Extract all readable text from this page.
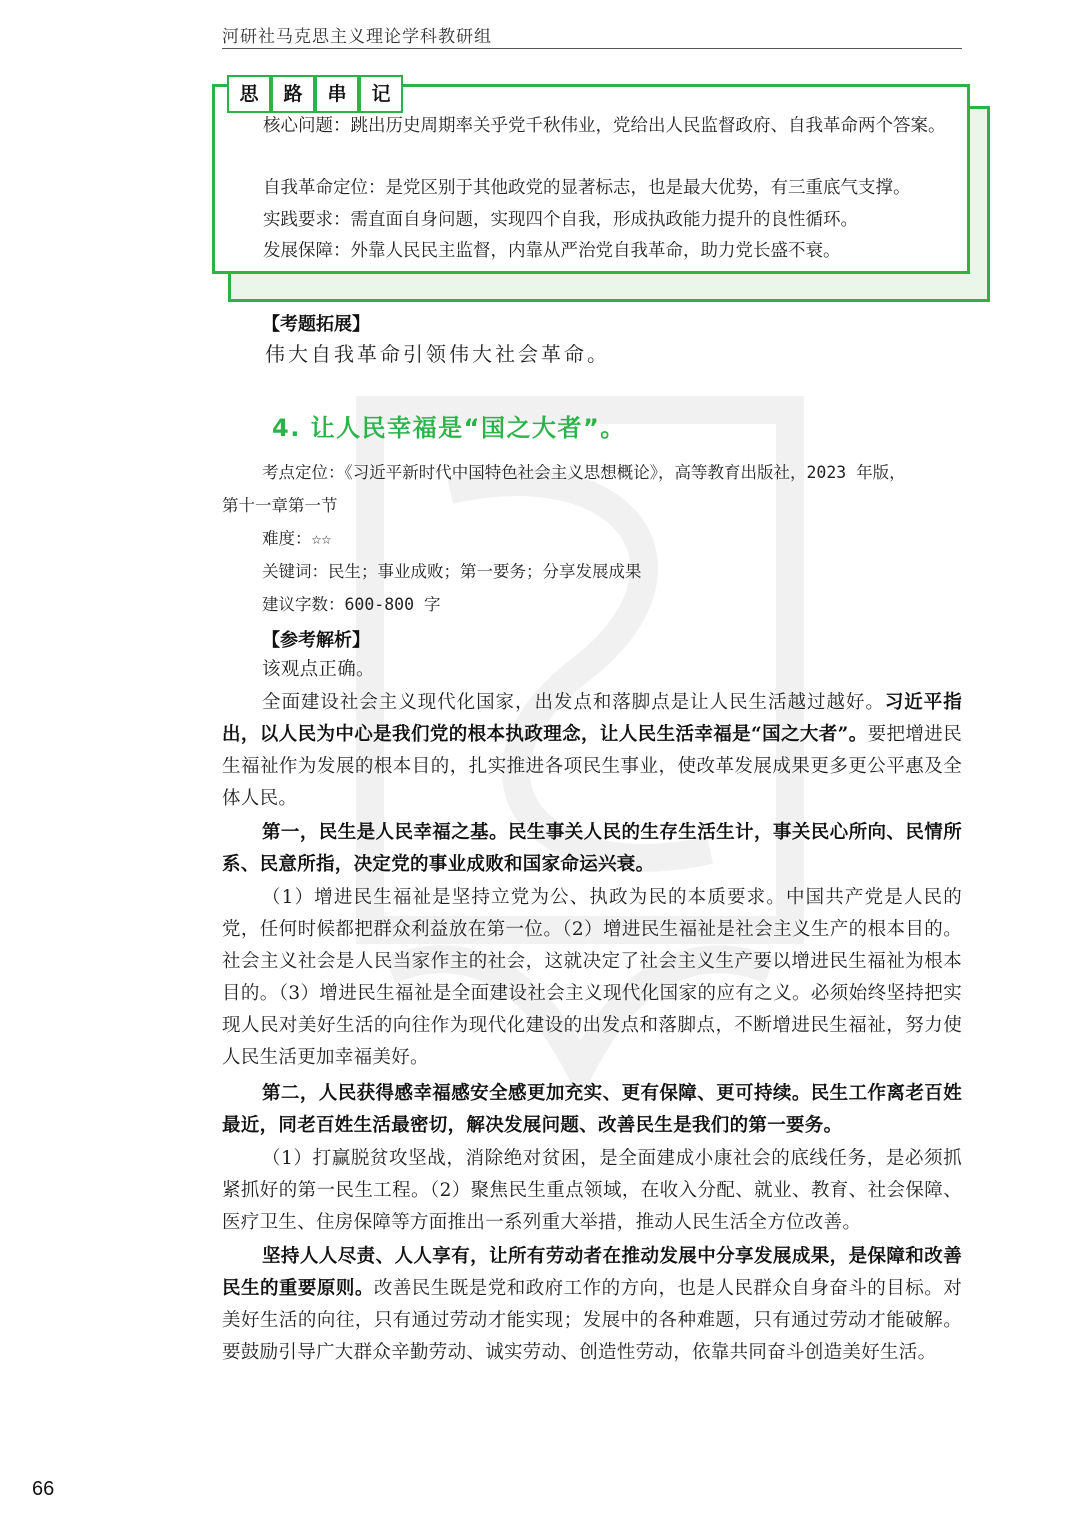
河研社马克思主义理论学科教研组
思	路	串	记
核心问题：跳出历史周期率关乎党千秋伟业，党给出人民监督政府、自我革命两个答案。
自我革命定位：是党区别于其他政党的显著标志，也是最大优势，有三重底气支撑。
实践要求：需直面自身问题，实现四个自我，形成执政能力提升的良性循环。
发展保障：外靠人民民主监督，内靠从严治党自我革命，助力党长盛不衰。
【考题拓展】
伟大自我革命引领伟大社会革命。
4. 让人民幸福是“国之大者”。
考点定位：《习近平新时代中国特色社会主义思想概论》，高等教育出版社，2023 年版，
第十一章第一节
难度：☆☆
关键词：民生；事业成败；第一要务；分享发展成果
建议字数：600-800 字
【参考解析】
该观点正确。
全面建设社会主义现代化国家，出发点和落脚点是让人民生活越过越好。习近平指出，以人民为中心是我们党的根本执政理念，让人民生活幸福是“国之大者”。要把增进民生福祉作为发展的根本目的，扎实推进各项民生事业，使改革发展成果更多更公平惠及全体人民。
第一，民生是人民幸福之基。民生事关人民的生存生活生计，事关民心所向、民情所系、民意所指，决定党的事业成败和国家命运兴衰。
（1）增进民生福祉是坚持立党为公、执政为民的本质要求。中国共产党是人民的党，任何时候都把群众利益放在第一位。（2）增进民生福祉是社会主义生产的根本目的。社会主义社会是人民当家作主的社会，这就决定了社会主义生产要以增进民生福祉为根本目的。（3）增进民生福祉是全面建设社会主义现代化国家的应有之义。必须始终坚持把实现人民对美好生活的向往作为现代化建设的出发点和落脚点，不断增进民生福祉，努力使人民生活更加幸福美好。
第二，人民获得感幸福感安全感更加充实、更有保障、更可持续。民生工作离老百姓最近，同老百姓生活最密切，解决发展问题、改善民生是我们的第一要务。
（1）打赢脱贫攻坚战，消除绝对贫困，是全面建成小康社会的底线任务，是必须抓紧抓好的第一民生工程。（2）聚焦民生重点领域，在收入分配、就业、教育、社会保障、医疗卫生、住房保障等方面推出一系列重大举措，推动人民生活全方位改善。
坚持人人尽责、人人享有，让所有劳动者在推动发展中分享发展成果，是保障和改善民生的重要原则。改善民生既是党和政府工作的方向，也是人民群众自身奋斗的目标。对美好生活的向往，只有通过劳动才能实现；发展中的各种难题，只有通过劳动才能破解。要鼓励引导广大群众辛勤劳动、诚实劳动、创造性劳动，依靠共同奋斗创造美好生活。
66
